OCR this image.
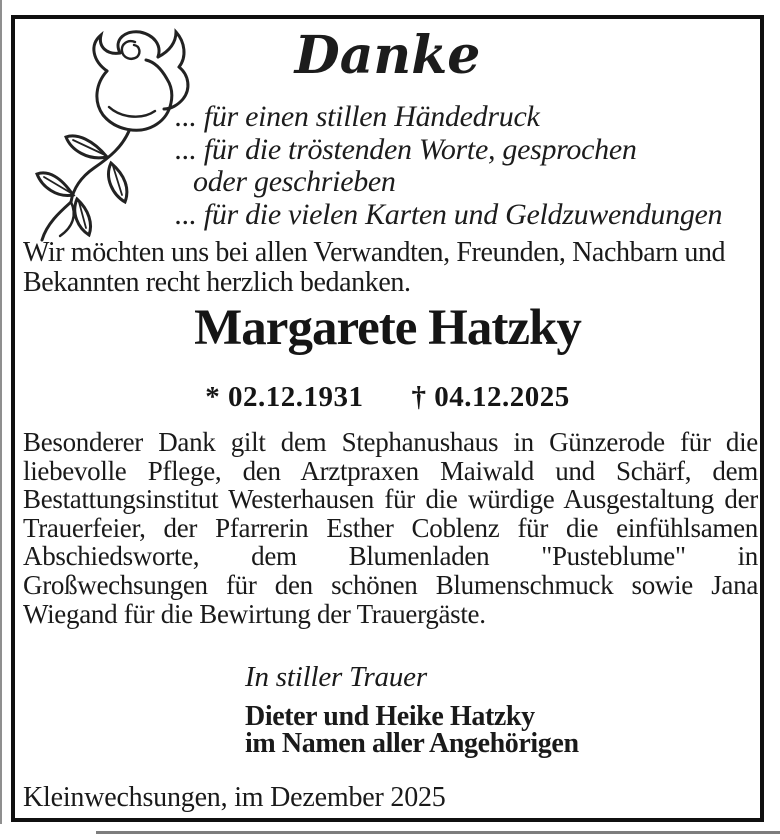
Danke
... für einen stillen Händedruck
... für die tröstenden Worte, gesprochen
oder geschrieben
... für die vielen Karten und Geldzuwendungen

Wir möchten uns bei allen Verwandten, Freunden, Nachbarn und Bekannten recht herzlich bedanken.

Margarete Hatzky
* 02.12.1931 † 04.12.2025

Besonderer Dank gilt dem Stephanushaus in Günzerode für die liebevolle Pflege, den Arztpraxen Maiwald und Schärf, dem Bestattungsinstitut Westerhausen für die würdige Ausgestaltung der Trauerfeier, der Pfarrerin Esther Coblenz für die einfühlsamen Abschiedsworte, dem Blumenladen "Pusteblume" in Großwechsungen für den schönen Blumenschmuck sowie Jana Wiegand für die Bewirtung der Trauergäste.

In stiller Trauer
Dieter und Heike Hatzky
im Namen aller Angehörigen
Kleinwechsungen, im Dezember 2025
